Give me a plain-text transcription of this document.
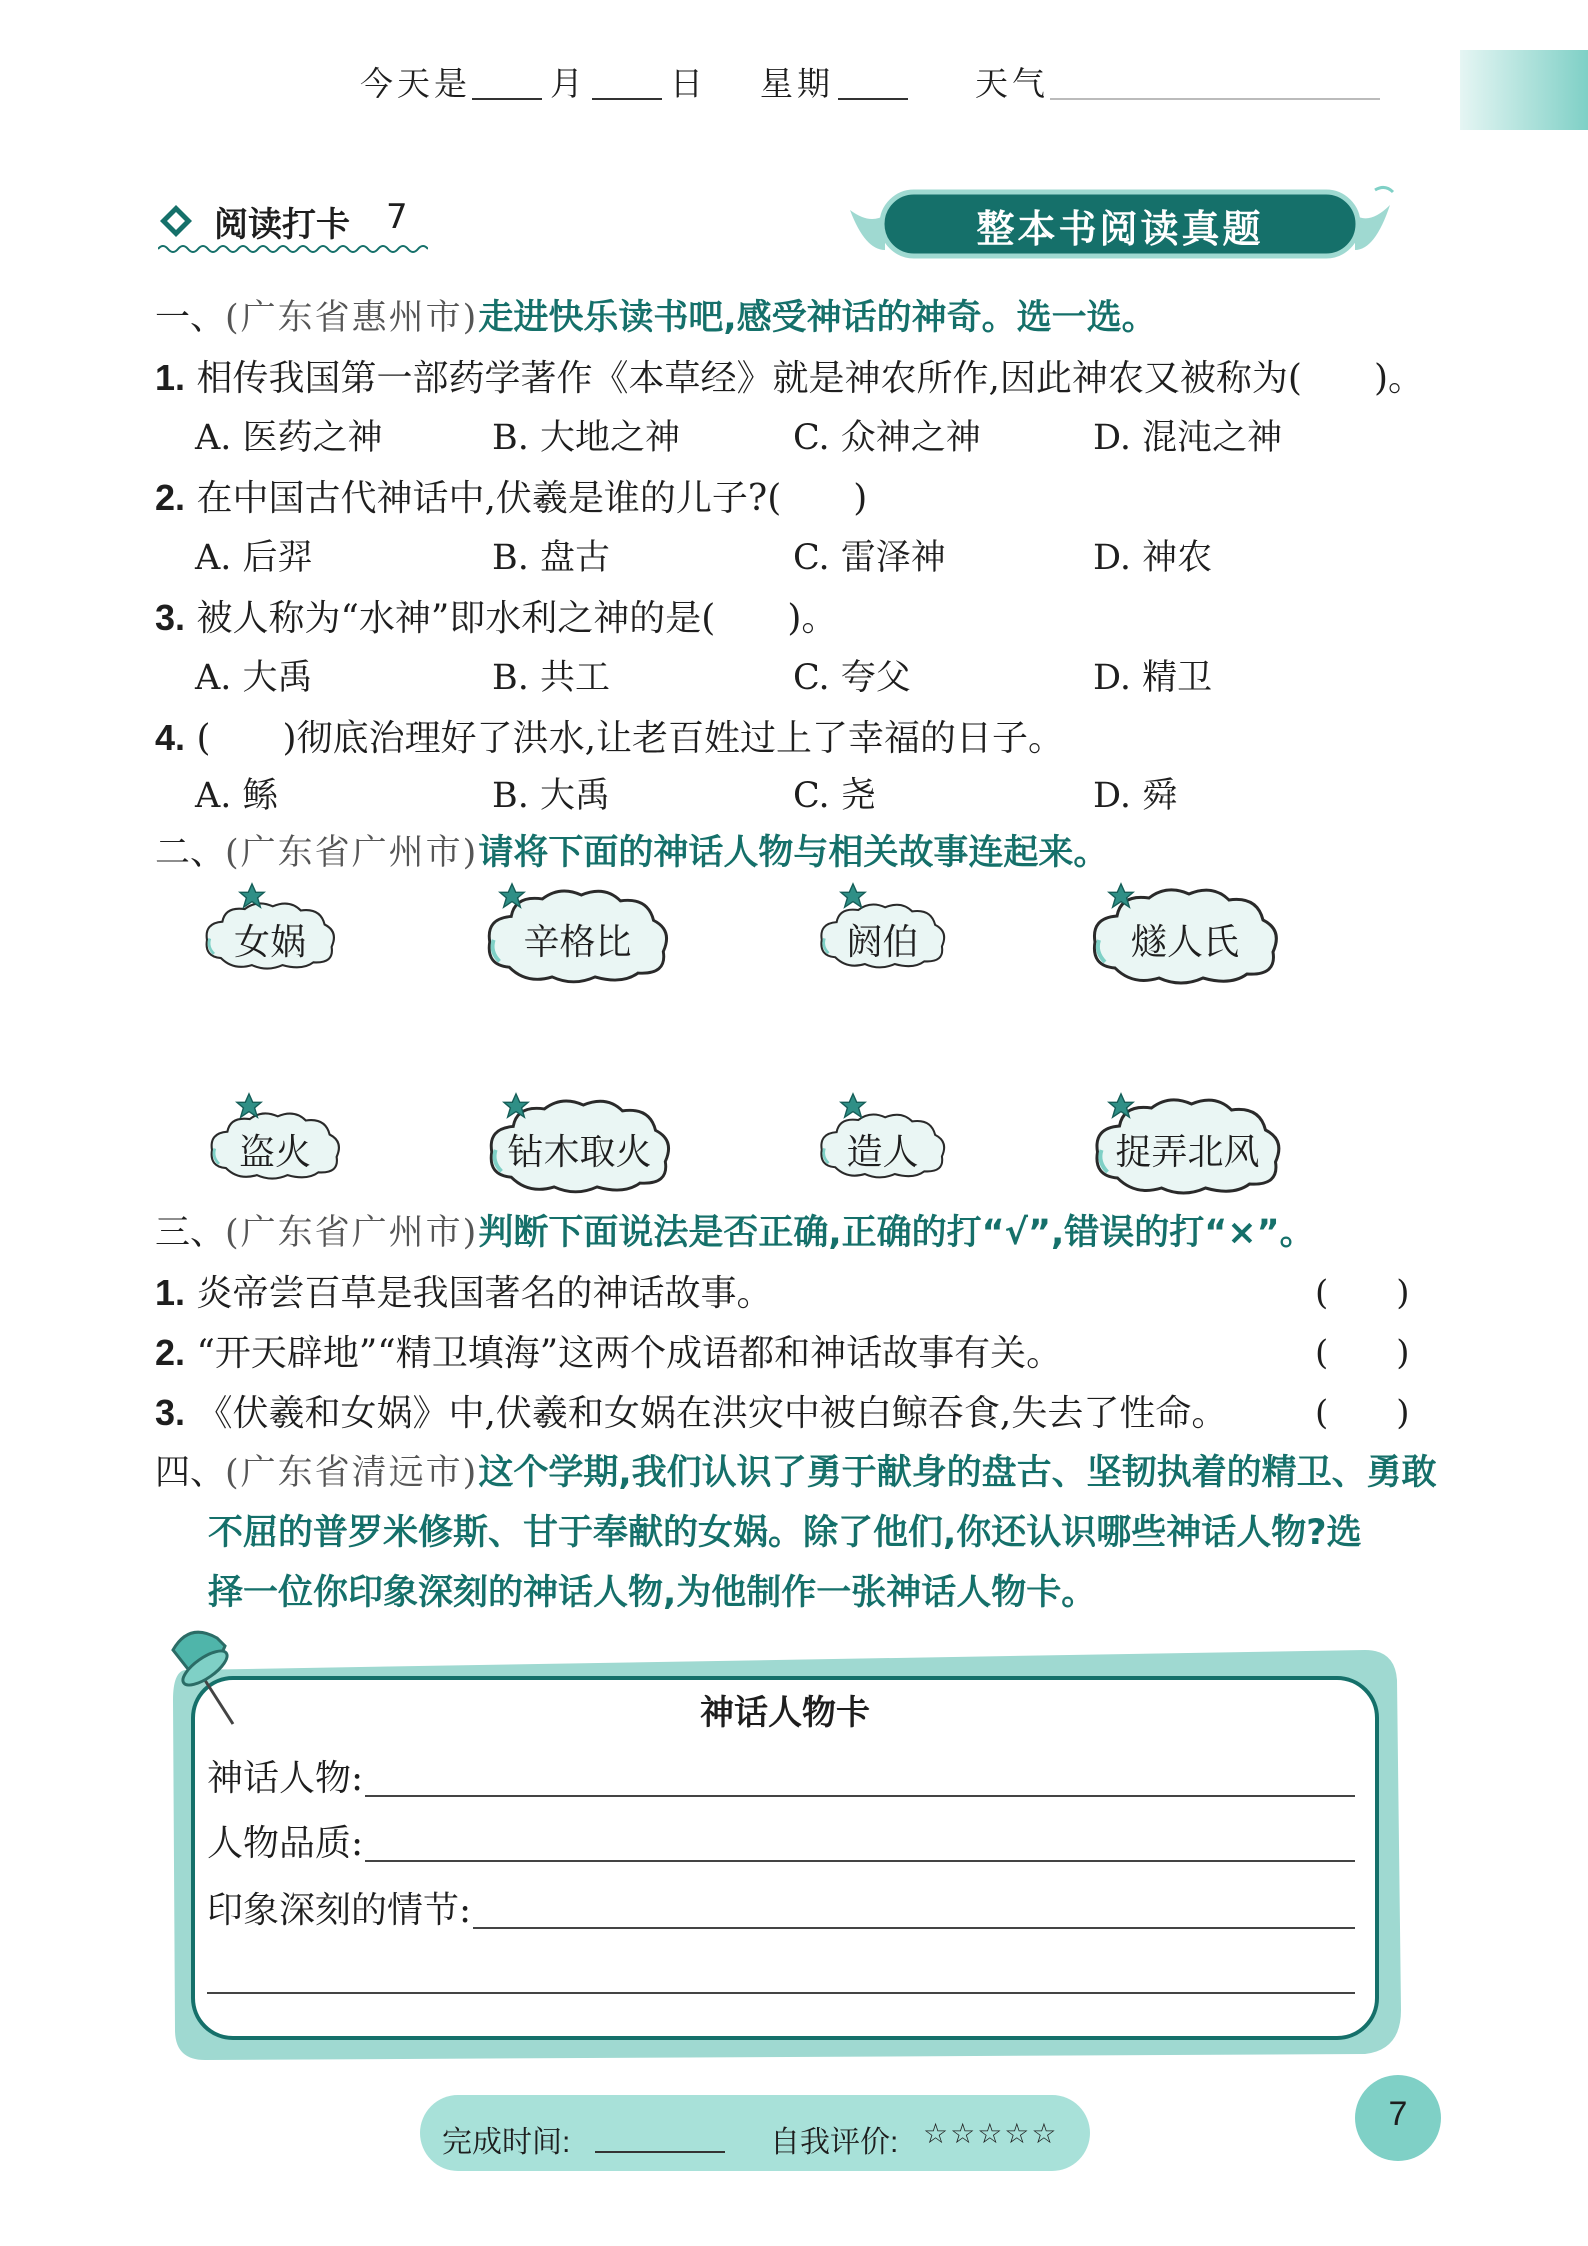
今天是 月	日 星期	天气
阅读打卡 7	整本书阅读真题
一、(广东省惠州市)走进快乐读书吧,感受神话的神奇。选一选。
1. 相传我国第一部药学著作《本草经》就是神农所作,因此神农又被称为(　　)。
A. 医药之神	B. 大地之神	C. 众神之神	D. 混沌之神
2. 在中国古代神话中,伏羲是谁的儿子?(　　)
A. 后羿	B. 盘古	C. 雷泽神	D. 神农
3. 被人称为“水神”即水利之神的是(　　)。
A. 大禹	B. 共工	C. 夸父	D. 精卫
4. (　　)彻底治理好了洪水,让老百姓过上了幸福的日子。
A. 鲧	B. 大禹	C. 尧	D. 舜
二、(广东省广州市)请将下面的神话人物与相关故事连起来。
女娲	辛格比	阏伯	燧人氏
盗火	钻木取火	造人	捉弄北风
三、(广东省广州市)判断下面说法是否正确,正确的打“√”,错误的打“×”。
1. 炎帝尝百草是我国著名的神话故事。	(　　)
2. “开天辟地”“精卫填海”这两个成语都和神话故事有关。	(　　)
3. 《伏羲和女娲》中,伏羲和女娲在洪灾中被白鲸吞食,失去了性命。	(　　)
四、(广东省清远市)这个学期,我们认识了勇于献身的盘古、坚韧执着的精卫、勇敢
不屈的普罗米修斯、甘于奉献的女娲。除了他们,你还认识哪些神话人物?选
择一位你印象深刻的神话人物,为他制作一张神话人物卡。
神话人物卡
神话人物:
人物品质:
印象深刻的情节:
完成时间:	自我评价: ☆☆☆☆☆
7
